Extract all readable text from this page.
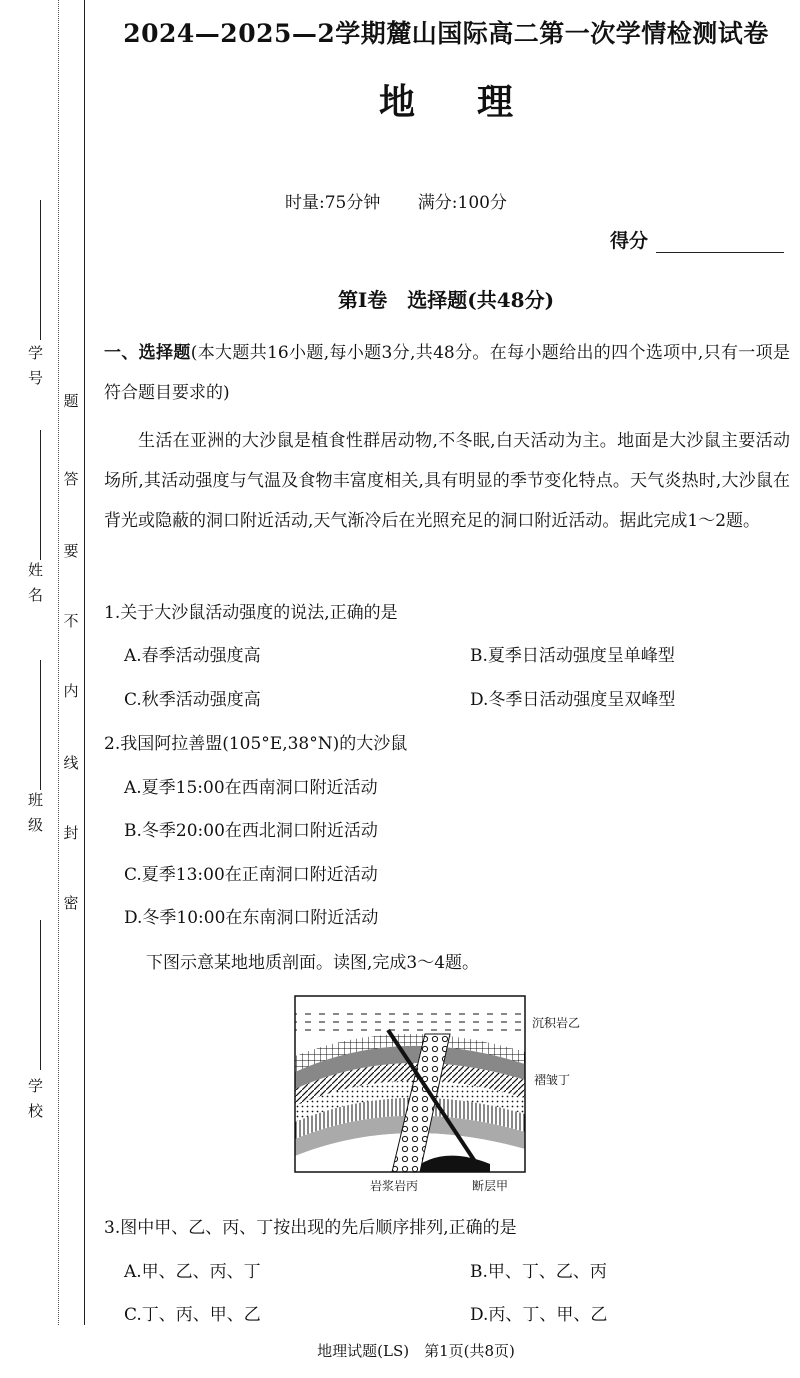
学号
姓名
班级
学校
题
答
要
不
内
线
封
密
2024—2025—2学期麓山国际高二第一次学情检测试卷
地理
时量:75分钟 满分:100分
得分
第Ⅰ卷　选择题(共48分)
一、选择题(本大题共16小题,每小题3分,共48分。在每小题给出的四个选项中,只有一项是符合题目要求的)
生活在亚洲的大沙鼠是植食性群居动物,不冬眠,白天活动为主。地面是大沙鼠主要活动场所,其活动强度与气温及食物丰富度相关,具有明显的季节变化特点。天气炎热时,大沙鼠在背光或隐蔽的洞口附近活动,天气渐冷后在光照充足的洞口附近活动。据此完成1～2题。
1.关于大沙鼠活动强度的说法,正确的是
A.春季活动强度高	B.夏季日活动强度呈单峰型
C.秋季活动强度高	D.冬季日活动强度呈双峰型
2.我国阿拉善盟(105°E,38°N)的大沙鼠
A.夏季15:00在西南洞口附近活动
B.冬季20:00在西北洞口附近活动
C.夏季13:00在正南洞口附近活动
D.冬季10:00在东南洞口附近活动
下图示意某地地质剖面。读图,完成3～4题。
沉积岩乙
褶皱丁
岩浆岩丙	断层甲
3.图中甲、乙、丙、丁按出现的先后顺序排列,正确的是
A.甲、乙、丙、丁	B.甲、丁、乙、丙
C.丁、丙、甲、乙	D.丙、丁、甲、乙
地理试题(LS)　第1页(共8页)
